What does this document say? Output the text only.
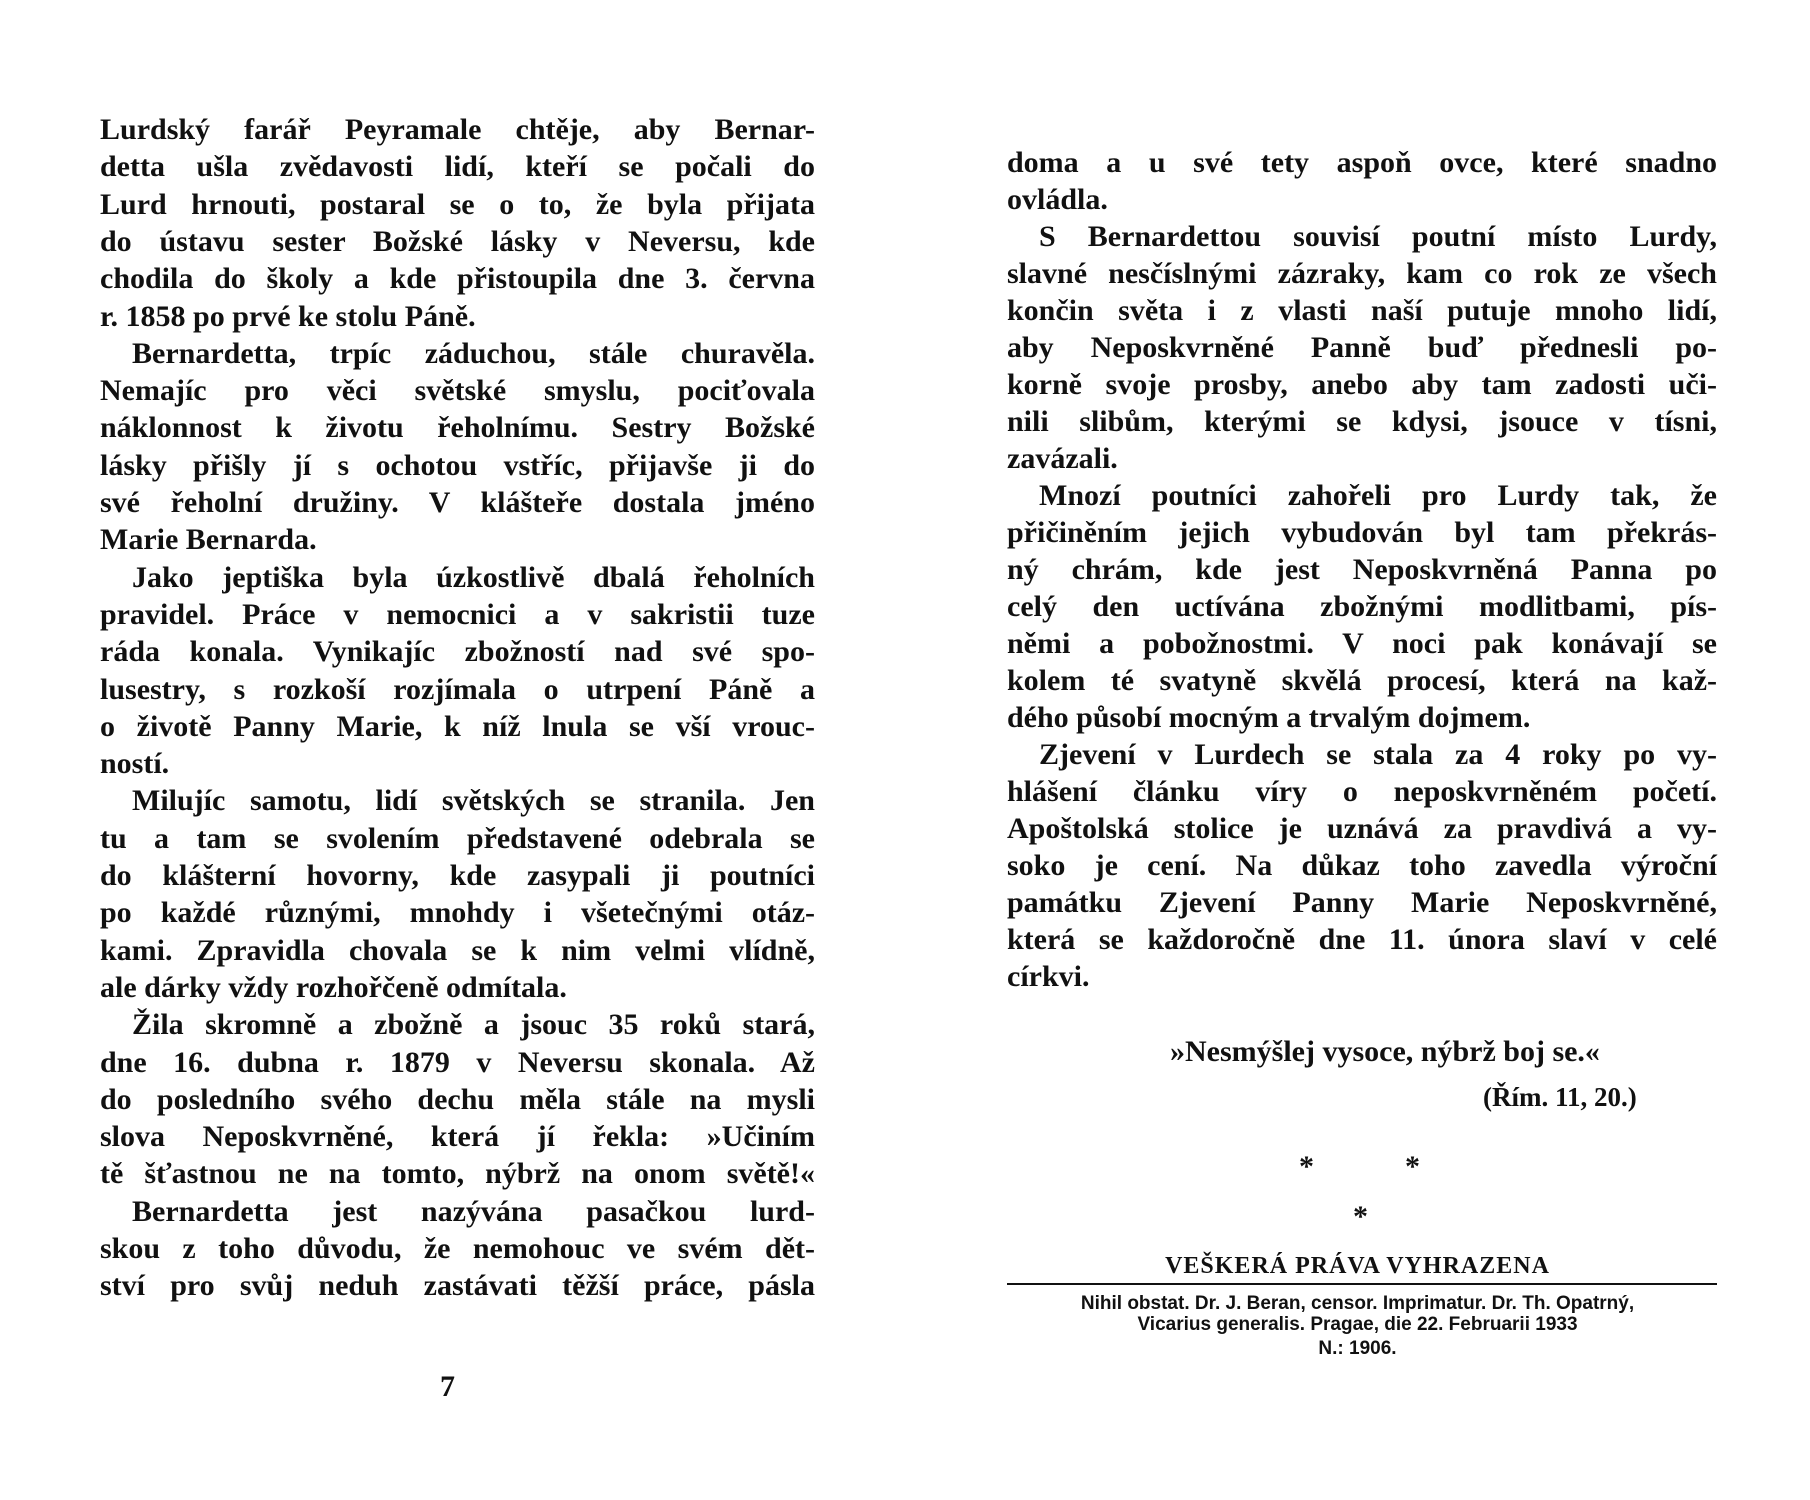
Lurdský farář Peyramale chtěje, aby Bernar-
detta ušla zvědavosti lidí, kteří se počali do
Lurd hrnouti, postaral se o to, že byla přijata
do ústavu sester Božské lásky v Neversu, kde
chodila do školy a kde přistoupila dne 3. června
r. 1858 po prvé ke stolu Páně.
Bernardetta, trpíc záduchou, stále churavěla.
Nemajíc pro věci světské smyslu, pociťovala
náklonnost k životu řeholnímu. Sestry Božské
lásky přišly jí s ochotou vstříc, přijavše ji do
své řeholní družiny. V klášteře dostala jméno
Marie Bernarda.
Jako jeptiška byla úzkostlivě dbalá řeholních
pravidel. Práce v nemocnici a v sakristii tuze
ráda konala. Vynikajíc zbožností nad své spo-
lusestry, s rozkoší rozjímala o utrpení Páně a
o životě Panny Marie, k níž lnula se vší vrouc-
ností.
Milujíc samotu, lidí světských se stranila. Jen
tu a tam se svolením představené odebrala se
do klášterní hovorny, kde zasypali ji poutníci
po každé různými, mnohdy i všetečnými otáz-
kami. Zpravidla chovala se k nim velmi vlídně,
ale dárky vždy rozhořčeně odmítala.
Žila skromně a zbožně a jsouc 35 roků stará,
dne 16. dubna r. 1879 v Neversu skonala. Až
do posledního svého dechu měla stále na mysli
slova Neposkvrněné, která jí řekla: »Učiním
tě šťastnou ne na tomto, nýbrž na onom světě!«
Bernardetta jest nazývána pasačkou lurd-
skou z toho důvodu, že nemohouc ve svém dět-
ství pro svůj neduh zastávati těžší práce, pásla
7
doma a u své tety aspoň ovce, které snadno
ovládla.
S Bernardettou souvisí poutní místo Lurdy,
slavné nesčíslnými zázraky, kam co rok ze všech
končin světa i z vlasti naší putuje mnoho lidí,
aby Neposkvrněné Panně buď přednesli po-
korně svoje prosby, anebo aby tam zadosti uči-
nili slibům, kterými se kdysi, jsouce v tísni,
zavázali.
Mnozí poutníci zahořeli pro Lurdy tak, že
přičiněním jejich vybudován byl tam překrás-
ný chrám, kde jest Neposkvrněná Panna po
celý den uctívána zbožnými modlitbami, pís-
němi a pobožnostmi. V noci pak konávají se
kolem té svatyně skvělá procesí, která na kaž-
dého působí mocným a trvalým dojmem.
Zjevení v Lurdech se stala za 4 roky po vy-
hlášení článku víry o neposkvrněném početí.
Apoštolská stolice je uznává za pravdivá a vy-
soko je cení. Na důkaz toho zavedla výroční
památku Zjevení Panny Marie Neposkvrněné,
která se každoročně dne 11. února slaví v celé
církvi.
»Nesmýšlej vysoce, nýbrž boj se.«
(Řím. 11, 20.)
*	*
*
VEŠKERÁ PRÁVA VYHRAZENA
Nihil obstat. Dr. J. Beran, censor. Imprimatur. Dr. Th. Opatrný,
Vicarius generalis. Pragae, die 22. Februarii 1933
N.: 1906.
